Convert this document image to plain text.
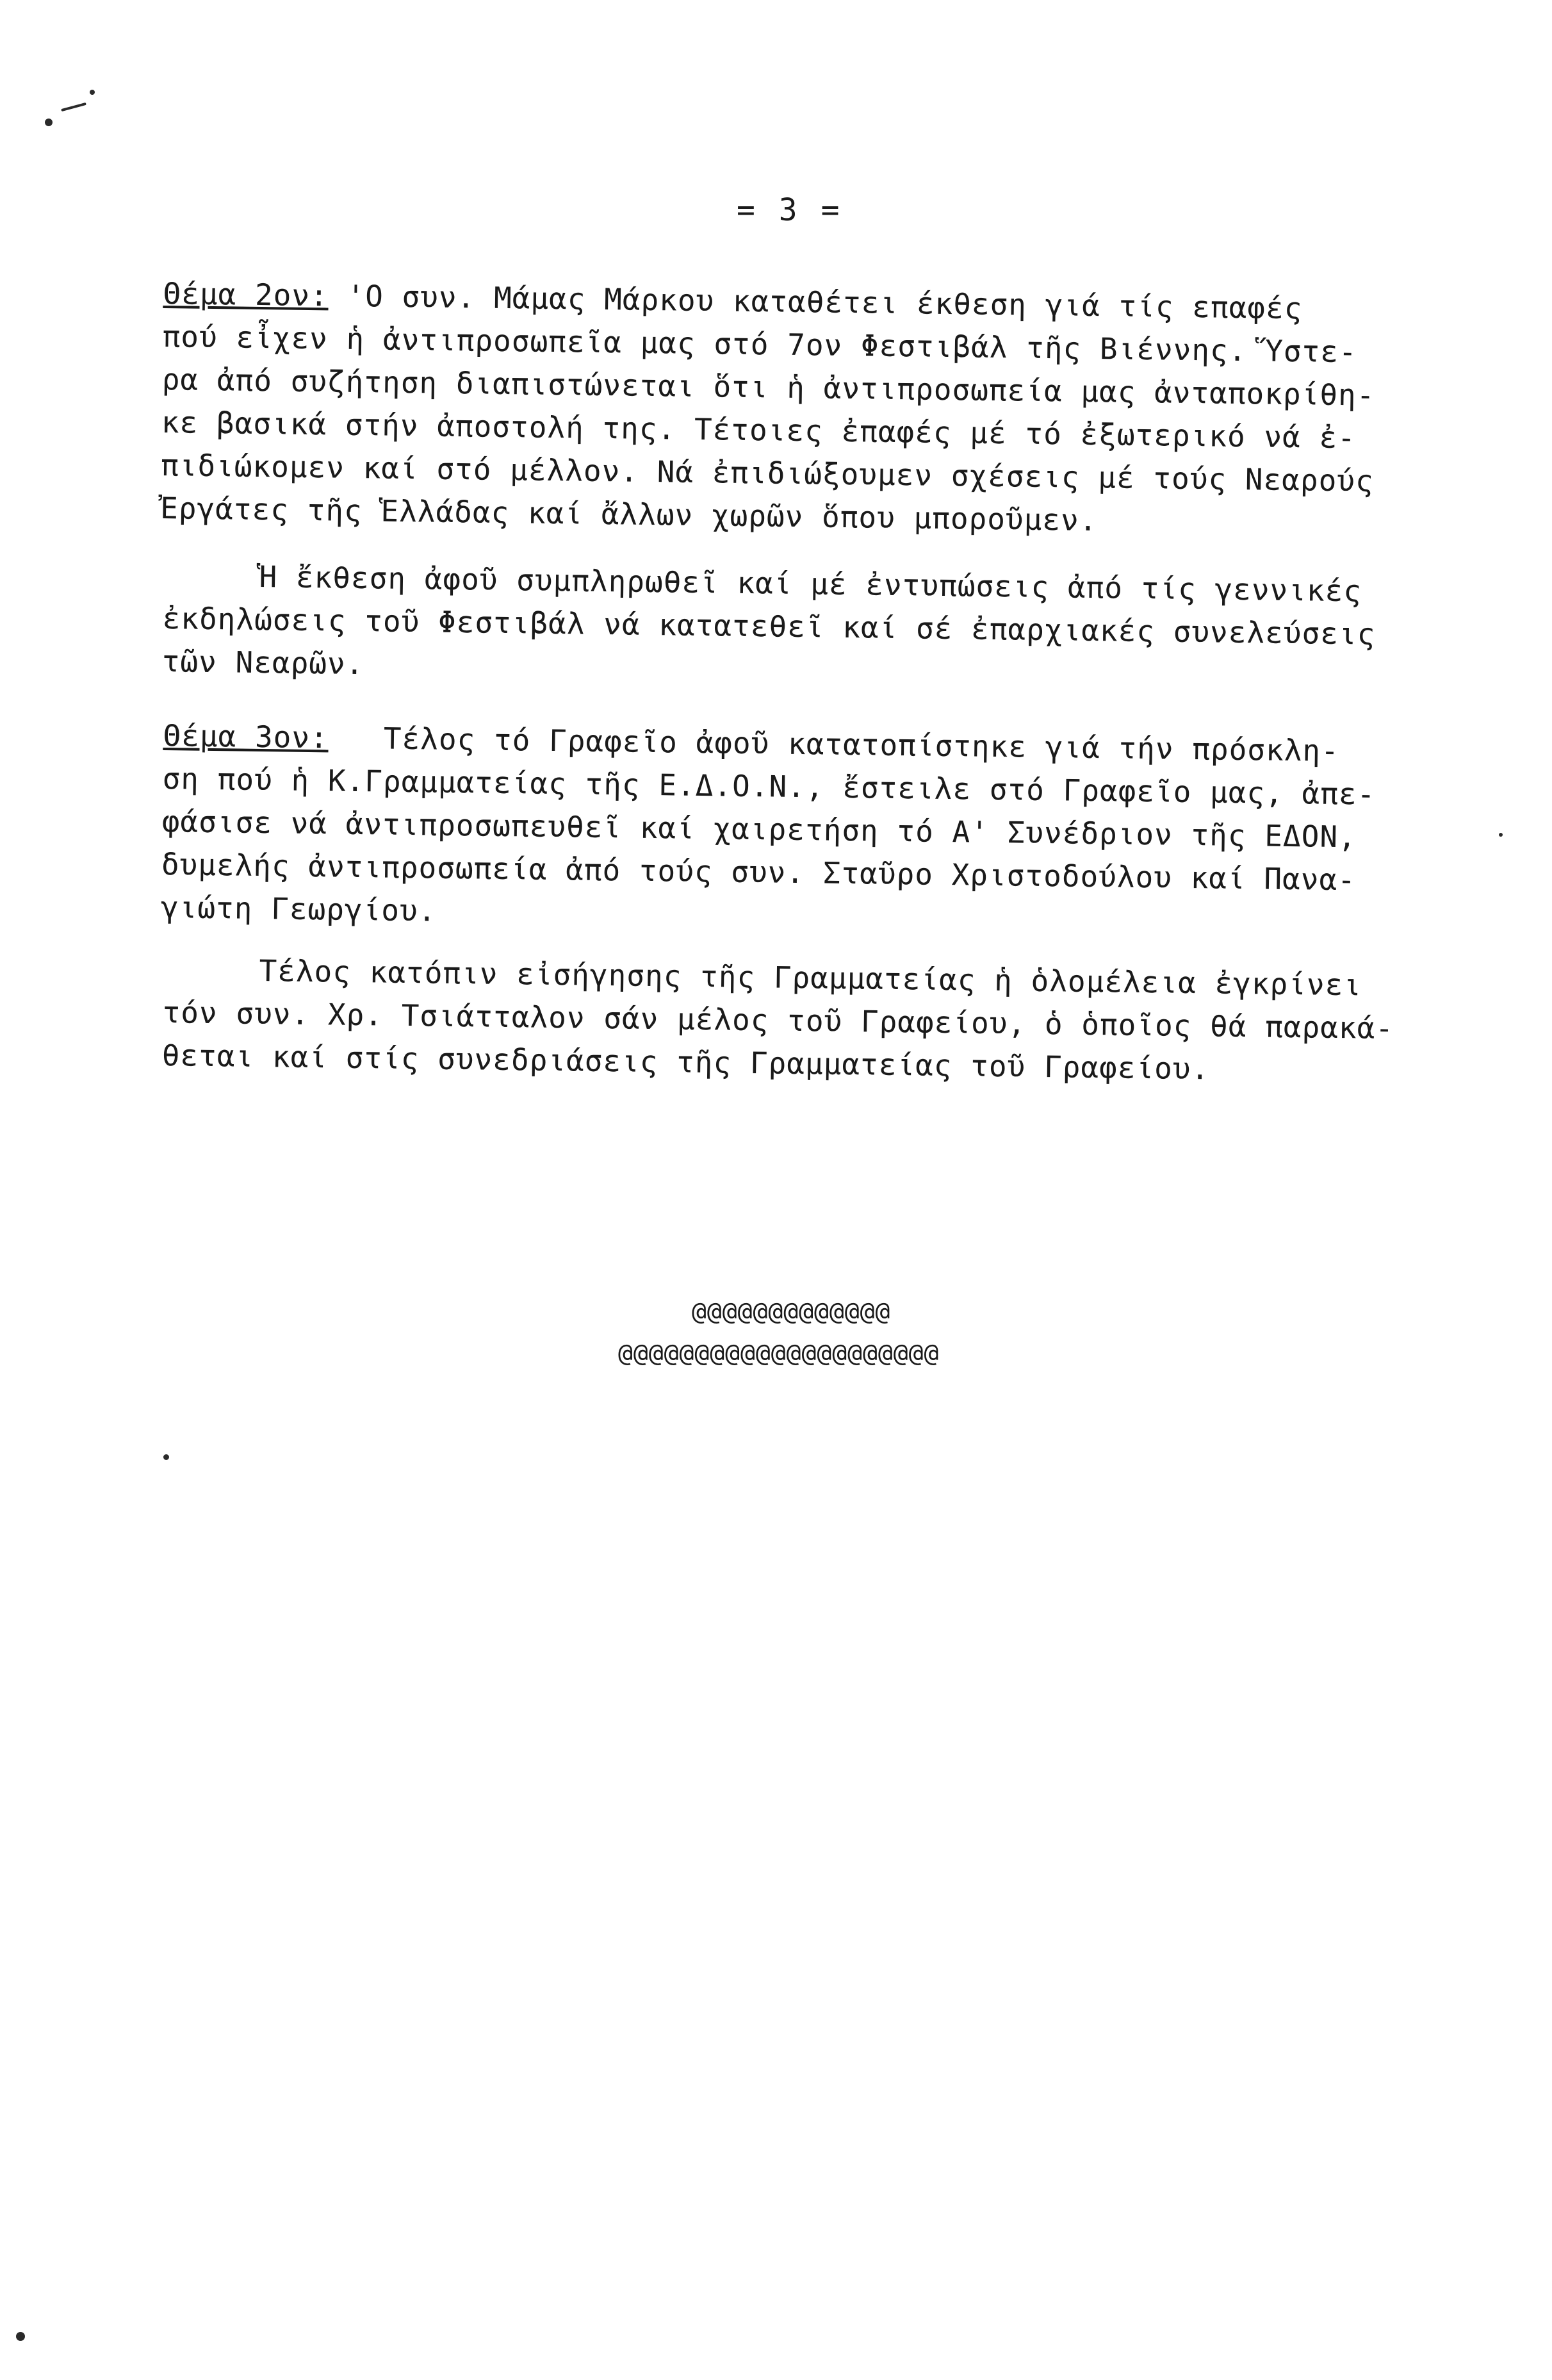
= 3 =
Θέμα 2ον: 'Ο συν. Μάμας Μάρκου καταθέτει έκθεση γιά τίς επαφές
πού εἶχεν ἡ ἀντιπροσωπεῖα μας στό 7ον Φεστιβάλ τῆς Βιέννης. Ὕστε-
ρα ἀπό συζήτηση διαπιστώνεται ὅτι ἡ ἀντιπροσωπεία μας ἀνταποκρίθη-
κε βασικά στήν ἀποστολή της. Τέτοιες ἐπαφές μέ τό ἐξωτερικό νά ἐ-
πιδιώκομεν καί στό μέλλον. Νά ἐπιδιώξουμεν σχέσεις μέ τούς Νεαρούς
Ἐργάτες τῆς Ἑλλάδας καί ἄλλων χωρῶν ὅπου μποροῦμεν.
Ἡ ἔκθεση ἀφοῦ συμπληρωθεῖ καί μέ ἐντυπώσεις ἀπό τίς γεννικές
ἐκδηλώσεις τοῦ Φεστιβάλ νά κατατεθεῖ καί σέ ἐπαρχιακές συνελεύσεις
τῶν Νεαρῶν.
Θέμα 3ον:   Τέλος τό Γραφεῖο ἀφοῦ κατατοπίστηκε γιά τήν πρόσκλη-
ση πού ἡ Κ.Γραμματείας τῆς Ε.Δ.Ο.Ν., ἔστειλε στό Γραφεῖο μας, ἀπε-
φάσισε νά ἀντιπροσωπευθεῖ καί χαιρετήση τό Α' Συνέδριον τῆς ΕΔΟΝ,
δυμελής ἀντιπροσωπεία ἀπό τούς συν. Σταῦρο Χριστοδούλου καί Πανα-
γιώτη Γεωργίου.
Τέλος κατόπιν εἰσήγησης τῆς Γραμματείας ἡ ὁλομέλεια ἐγκρίνει
τόν συν. Χρ. Τσιάτταλον σάν μέλος τοῦ Γραφείου, ὁ ὁποῖος θά παρακά-
θεται καί στίς συνεδριάσεις τῆς Γραμματείας τοῦ Γραφείου.
@@@@@@@@@@@@@
@@@@@@@@@@@@@@@@@@@@@
